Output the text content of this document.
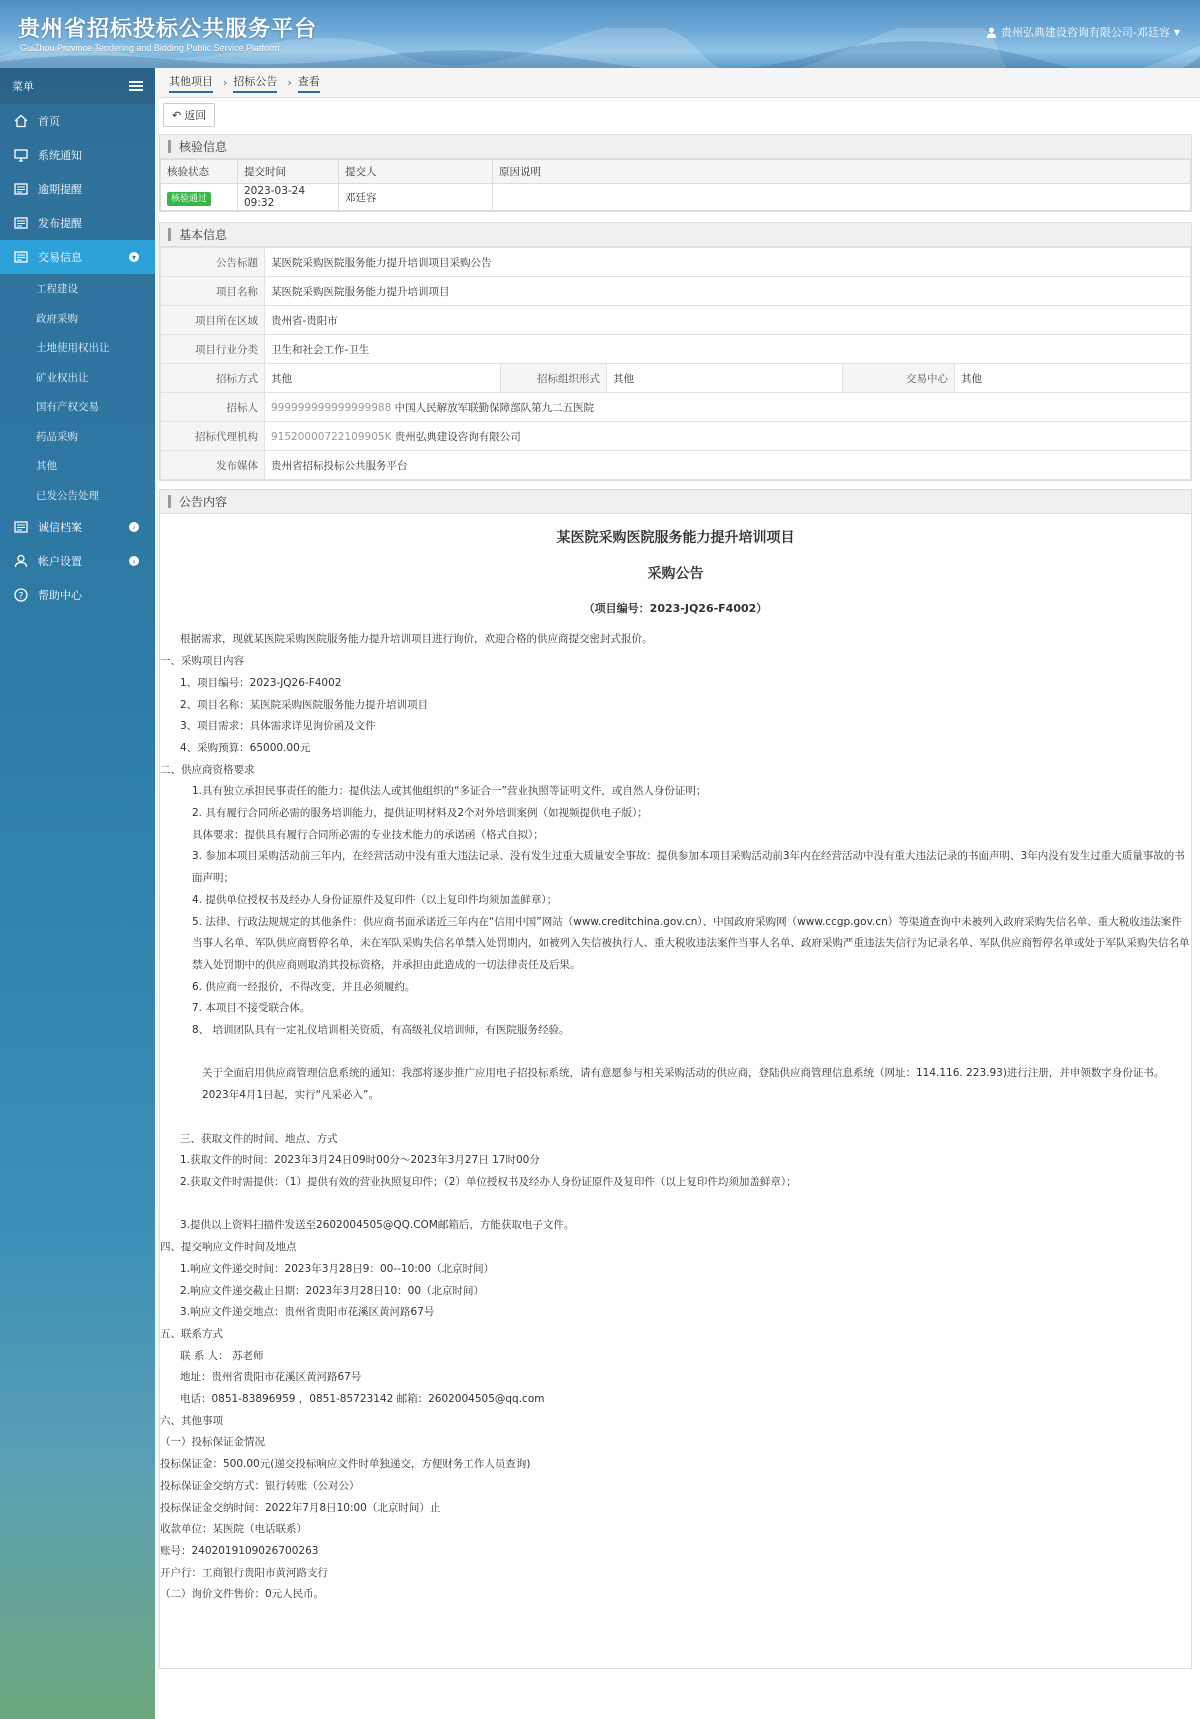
贵州省招标投标公共服务平台
GuiZhou Province Tendering and Bidding Public Service Platform
贵州弘典建设咨询有限公司-邓廷容 ▼
菜单
首页
系统通知
逾期提醒
发布提醒
交易信息	▾
工程建设
政府采购
土地使用权出让
矿业权出让
国有产权交易
药品采购
其他
已发公告处理
诚信档案	›
帐户设置	›
? 帮助中心
其他项目 › 招标公告 › 查看
↶ 返回
核验信息
核验状态	提交时间	提交人	原因说明
核验通过	2023-03-24 09:32	邓廷容	
基本信息
公告标题	某医院采购医院服务能力提升培训项目采购公告				
项目名称	某医院采购医院服务能力提升培训项目				
项目所在区域	贵州省-贵阳市				
项目行业分类	卫生和社会工作-卫生				
招标方式	其他	招标组织形式	其他	交易中心	其他
招标人	999999999999999988 中国人民解放军联勤保障部队第九二五医院				
招标代理机构	91520000722109905K 贵州弘典建设咨询有限公司				
发布媒体	贵州省招标投标公共服务平台				
公告内容
某医院采购医院服务能力提升培训项目
采购公告
（项目编号：2023-JQ26-F4002）
根据需求，现就某医院采购医院服务能力提升培训项目进行询价，欢迎合格的供应商提交密封式报价。
一、采购项目内容
1、项目编号：2023-JQ26-F4002
2、项目名称：某医院采购医院服务能力提升培训项目
3、项目需求：具体需求详见询价函及文件
4、采购预算：65000.00元
二、供应商资格要求
1.具有独立承担民事责任的能力：提供法人或其他组织的“多证合一”营业执照等证明文件，或自然人身份证明；
2. 具有履行合同所必需的服务培训能力，提供证明材料及2个对外培训案例（如视频提供电子版）；
具体要求：提供具有履行合同所必需的专业技术能力的承诺函（格式自拟）；
3. 参加本项目采购活动前三年内，在经营活动中没有重大违法记录、没有发生过重大质量安全事故：提供参加本项目采购活动前3年内在经营活动中没有重大违法记录的书面声明、3年内没有发生过重大质量事故的书面声明；
4. 提供单位授权书及经办人身份证原件及复印件（以上复印件均须加盖鲜章）；
5. 法律、行政法规规定的其他条件：供应商书面承诺近三年内在“信用中国”网站（www.creditchina.gov.cn）、中国政府采购网（www.ccgp.gov.cn）等渠道查询中未被列入政府采购失信名单、重大税收违法案件当事人名单、军队供应商暂停名单，未在军队采购失信名单禁入处罚期内，如被列入失信被执行人、重大税收违法案件当事人名单、政府采购严重违法失信行为记录名单、军队供应商暂停名单或处于军队采购失信名单禁入处罚期中的供应商则取消其投标资格，并承担由此造成的一切法律责任及后果。
6. 供应商一经报价，不得改变，并且必须履约。
7. 本项目不接受联合体。
8、 培训团队具有一定礼仪培训相关资质，有高级礼仪培训师，有医院服务经验。

关于全面启用供应商管理信息系统的通知：我部将逐步推广应用电子招投标系统，请有意愿参与相关采购活动的供应商，登陆供应商管理信息系统（网址：114.116. 223.93)进行注册，并申领数字身份证书。2023年4月1日起，实行“凡采必入”。

三、获取文件的时间、地点、方式
1.获取文件的时间：2023年3月24日09时00分～2023年3月27日 17时00分
2.获取文件时需提供：（1）提供有效的营业执照复印件；（2）单位授权书及经办人身份证原件及复印件（以上复印件均须加盖鲜章）；

3.提供以上资料扫描件发送至2602004505@QQ.COM邮箱后，方能获取电子文件。
四、提交响应文件时间及地点
1.响应文件递交时间：2023年3月28日9：00--10:00（北京时间）
2.响应文件递交截止日期：2023年3月28日10：00（北京时间）
3.响应文件递交地点：贵州省贵阳市花溪区黄河路67号
五、联系方式
联 系 人： 苏老师
地址：贵州省贵阳市花溪区黄河路67号
电话：0851-83896959 ，0851-85723142 邮箱：2602004505@qq.com
六、其他事项
（一）投标保证金情况
投标保证金：500.00元(递交投标响应文件时单独递交，方便财务工作人员查询)
投标保证金交纳方式：银行转账（公对公）
投标保证金交纳时间：2022年7月8日10:00（北京时间）止
收款单位：某医院（电话联系）
账号：2402019109026700263
开户行：工商银行贵阳市黄河路支行
（二）询价文件售价：0元人民币。
